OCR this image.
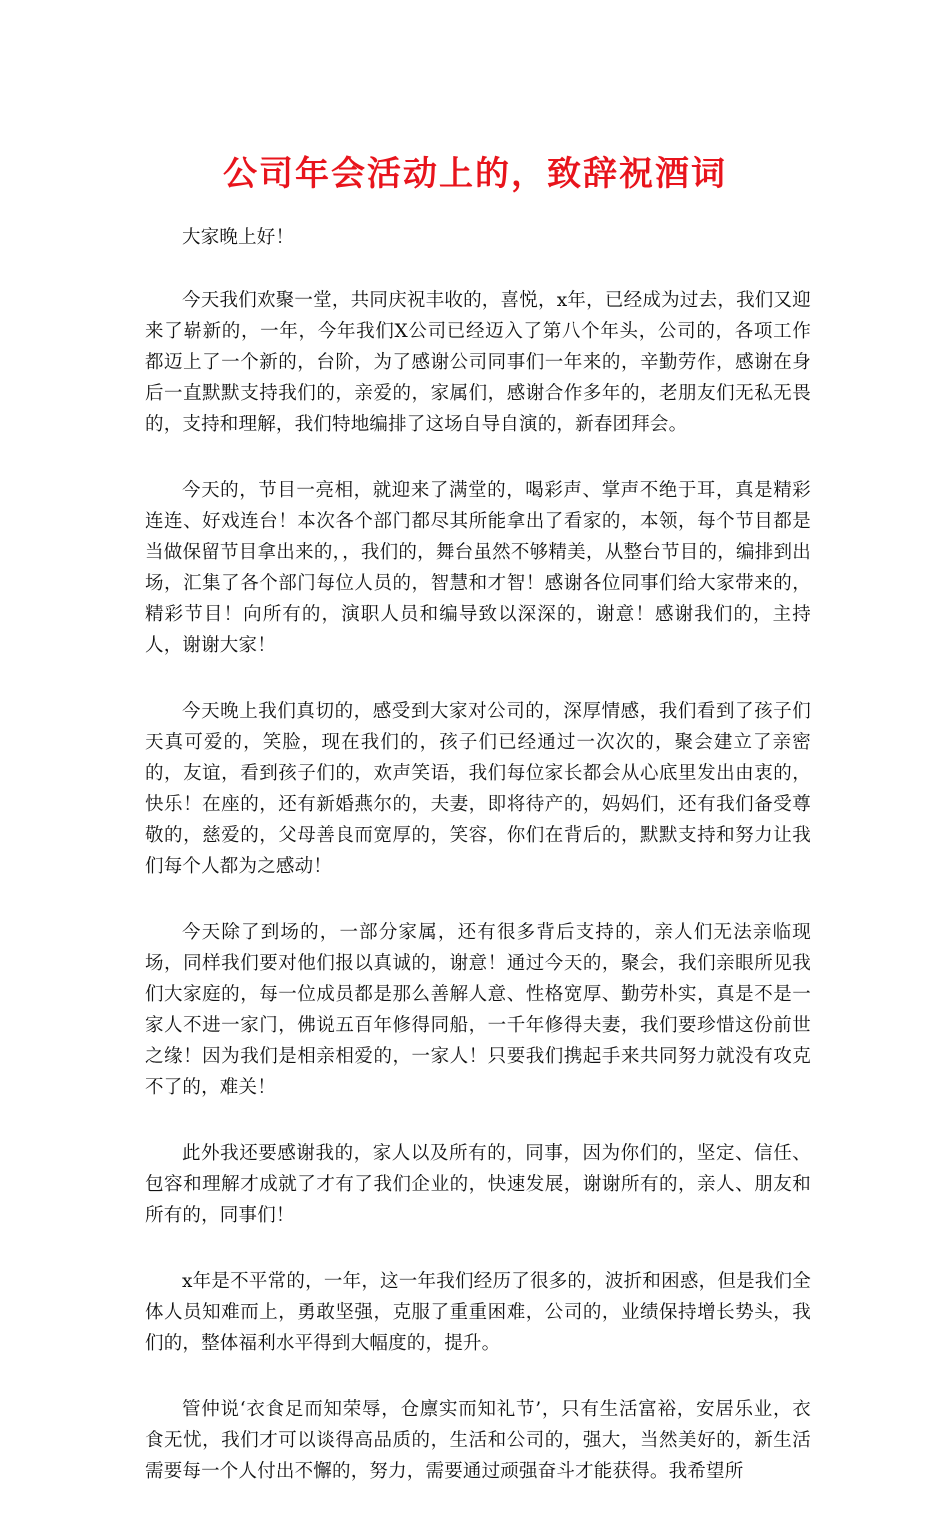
公司年会活动上的，致辞祝酒词

大家晚上好！

今天我们欢聚一堂，共同庆祝丰收的，喜悦，x年，已经成为过去，我们又迎来了崭新的，一年，今年我们X公司已经迈入了第八个年头，公司的，各项工作都迈上了一个新的，台阶，为了感谢公司同事们一年来的，辛勤劳作，感谢在身后一直默默支持我们的，亲爱的，家属们，感谢合作多年的，老朋友们无私无畏的，支持和理解，我们特地编排了这场自导自演的，新春团拜会。

今天的，节目一亮相，就迎来了满堂的，喝彩声、掌声不绝于耳，真是精彩连连、好戏连台！本次各个部门都尽其所能拿出了看家的，本领，每个节目都是当做保留节目拿出来的，，我们的，舞台虽然不够精美，从整台节目的，编排到出场，汇集了各个部门每位人员的，智慧和才智！感谢各位同事们给大家带来的，精彩节目！向所有的，演职人员和编导致以深深的，谢意！感谢我们的，主持人，谢谢大家！

今天晚上我们真切的，感受到大家对公司的，深厚情感，我们看到了孩子们天真可爱的，笑脸，现在我们的，孩子们已经通过一次次的，聚会建立了亲密的，友谊，看到孩子们的，欢声笑语，我们每位家长都会从心底里发出由衷的，快乐！在座的，还有新婚燕尔的，夫妻，即将待产的，妈妈们，还有我们备受尊敬的，慈爱的，父母善良而宽厚的，笑容，你们在背后的，默默支持和努力让我们每个人都为之感动！

今天除了到场的，一部分家属，还有很多背后支持的，亲人们无法亲临现场，同样我们要对他们报以真诚的，谢意！通过今天的，聚会，我们亲眼所见我们大家庭的，每一位成员都是那么善解人意、性格宽厚、勤劳朴实，真是不是一家人不进一家门，佛说五百年修得同船，一千年修得夫妻，我们要珍惜这份前世之缘！因为我们是相亲相爱的，一家人！只要我们携起手来共同努力就没有攻克不了的，难关！

此外我还要感谢我的，家人以及所有的，同事，因为你们的，坚定、信任、包容和理解才成就了才有了我们企业的，快速发展，谢谢所有的，亲人、朋友和所有的，同事们！

x年是不平常的，一年，这一年我们经历了很多的，波折和困惑，但是我们全体人员知难而上，勇敢坚强，克服了重重困难，公司的，业绩保持增长势头，我们的，整体福利水平得到大幅度的，提升。

管仲说‘衣食足而知荣辱，仓廪实而知礼节’，只有生活富裕，安居乐业，衣食无忧，我们才可以谈得高品质的，生活和公司的，强大，当然美好的，新生活需要每一个人付出不懈的，努力，需要通过顽强奋斗才能获得。我希望所
